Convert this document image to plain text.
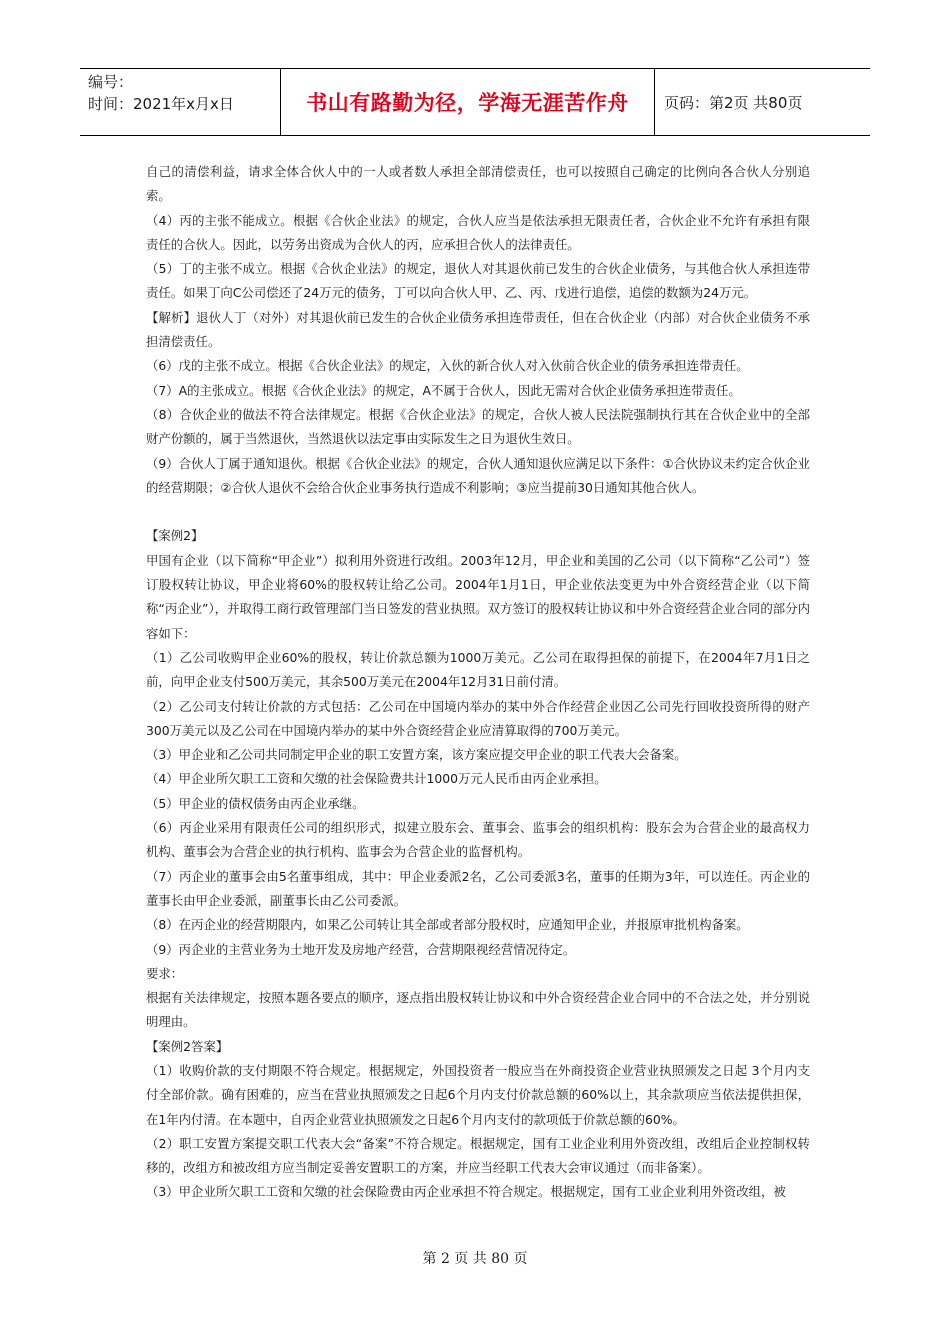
编号：
时间：2021年x月x日	书山有路勤为径，学海无涯苦作舟	页码：第2页 共80页

自己的清偿利益，请求全体合伙人中的一人或者数人承担全部清偿责任，也可以按照自己确定的比例向各合伙人分别追索。

（4）丙的主张不能成立。根据《合伙企业法》的规定，合伙人应当是依法承担无限责任者，合伙企业不允许有承担有限责任的合伙人。因此，以劳务出资成为合伙人的丙，应承担合伙人的法律责任。

（5）丁的主张不成立。根据《合伙企业法》的规定，退伙人对其退伙前已发生的合伙企业债务，与其他合伙人承担连带责任。如果丁向C公司偿还了24万元的债务，丁可以向合伙人甲、乙、丙、戊进行追偿，追偿的数额为24万元。

【解析】退伙人丁（对外）对其退伙前已发生的合伙企业债务承担连带责任，但在合伙企业（内部）对合伙企业债务不承担清偿责任。

（6）戊的主张不成立。根据《合伙企业法》的规定，入伙的新合伙人对入伙前合伙企业的债务承担连带责任。

（7）A的主张成立。根据《合伙企业法》的规定，A不属于合伙人，因此无需对合伙企业债务承担连带责任。

（8）合伙企业的做法不符合法律规定。根据《合伙企业法》的规定，合伙人被人民法院强制执行其在合伙企业中的全部财产份额的，属于当然退伙，当然退伙以法定事由实际发生之日为退伙生效日。

（9）合伙人丁属于通知退伙。根据《合伙企业法》的规定，合伙人通知退伙应满足以下条件：①合伙协议未约定合伙企业的经营期限；②合伙人退伙不会给合伙企业事务执行造成不利影响；③应当提前30日通知其他合伙人。

【案例2】

甲国有企业（以下简称“甲企业”）拟利用外资进行改组。2003年12月，甲企业和美国的乙公司（以下简称“乙公司”）签订股权转让协议，甲企业将60%的股权转让给乙公司。2004年1月1日，甲企业依法变更为中外合资经营企业（以下简称“丙企业”），并取得工商行政管理部门当日签发的营业执照。双方签订的股权转让协议和中外合资经营企业合同的部分内容如下：

（1）乙公司收购甲企业60%的股权，转让价款总额为1000万美元。乙公司在取得担保的前提下，在2004年7月1日之前，向甲企业支付500万美元，其余500万美元在2004年12月31日前付清。

（2）乙公司支付转让价款的方式包括：乙公司在中国境内举办的某中外合作经营企业因乙公司先行回收投资所得的财产300万美元以及乙公司在中国境内举办的某中外合资经营企业应清算取得的700万美元。

（3）甲企业和乙公司共同制定甲企业的职工安置方案，该方案应提交甲企业的职工代表大会备案。

（4）甲企业所欠职工工资和欠缴的社会保险费共计1000万元人民币由丙企业承担。

（5）甲企业的债权债务由丙企业承继。

（6）丙企业采用有限责任公司的组织形式，拟建立股东会、董事会、监事会的组织机构：股东会为合营企业的最高权力机构、董事会为合营企业的执行机构、监事会为合营企业的监督机构。

（7）丙企业的董事会由5名董事组成，其中：甲企业委派2名，乙公司委派3名，董事的任期为3年，可以连任。丙企业的董事长由甲企业委派，副董事长由乙公司委派。

（8）在丙企业的经营期限内，如果乙公司转让其全部或者部分股权时，应通知甲企业，并报原审批机构备案。

（9）丙企业的主营业务为土地开发及房地产经营，合营期限视经营情况待定。

要求：

根据有关法律规定，按照本题各要点的顺序，逐点指出股权转让协议和中外合资经营企业合同中的不合法之处，并分别说明理由。

【案例2答案】

（1）收购价款的支付期限不符合规定。根据规定，外国投资者一般应当在外商投资企业营业执照颁发之日起 3个月内支付全部价款。确有困难的，应当在营业执照颁发之日起6个月内支付价款总额的60%以上，其余款项应当依法提供担保，在1年内付清。在本题中，自丙企业营业执照颁发之日起6个月内支付的款项低于价款总额的60%。

（2）职工安置方案提交职工代表大会“备案”不符合规定。根据规定，国有工业企业利用外资改组，改组后企业控制权转移的，改组方和被改组方应当制定妥善安置职工的方案，并应当经职工代表大会审议通过（而非备案）。

（3）甲企业所欠职工工资和欠缴的社会保险费由丙企业承担不符合规定。根据规定，国有工业企业利用外资改组，被

第 2 页 共 80 页
